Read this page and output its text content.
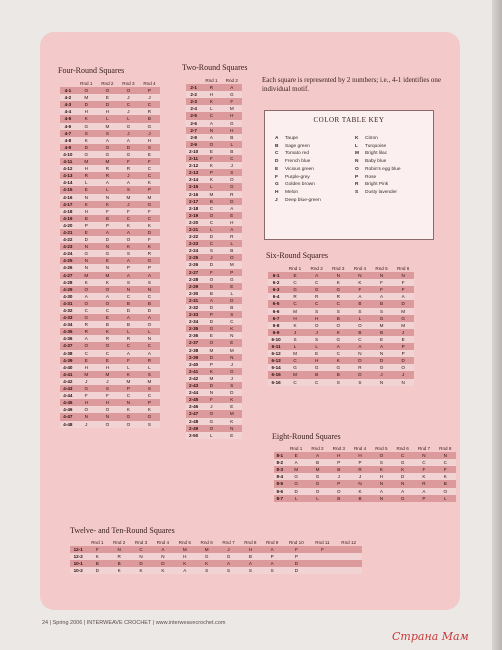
Four-Round Squares	Two-Round Squares
Six-Round Squares
Eight-Round Squares
Twelve- and Ten-Round Squares
	Rnd 1	Rnd 2	Rnd 3	Rnd 4
4-1	O	O	O	P
4-2	M	E	J	J
4-3	D	D	C	C
4-4	H	H	J	R
4-5	K	L	L	B
4-6	G	M	G	G
4-7	S	S	J	J
4-8	K	A	A	H
4-9	D	O	D	S
4-10	G	G	G	E
4-11	M	M	F	F
4-12	H	R	R	C
4-13	R	R	J	C
4-14	L	A	A	K
4-15	E	L	S	P
4-16	N	N	M	M
4-17	K	K	J	G
4-18	H	F	F	F
4-19	B	B	C	C
4-20	P	P	K	K
4-21	E	A	A	D
4-22	D	D	O	F
4-23	N	N	K	K
4-24	G	G	S	R
4-25	N	E	A	G
4-26	N	N	P	P
4-27	M	M	A	A
4-28	K	K	S	S
4-29	O	O	N	N
4-30	A	A	C	C
4-31	O	O	B	B
4-32	C	C	D	D
4-33	G	E	A	A
4-34	R	B	B	O
4-35	R	K	L	L
4-36	A	R	R	N
4-37	O	O	C	C
4-38	C	C	A	A
4-39	E	E	F	R
4-40	H	H	L	L
4-41	M	M	K	S
4-42	J	J	M	M
4-43	G	S	P	S
4-44	F	F	C	C
4-45	H	H	N	P
4-46	O	O	K	K
4-47	N	N	G	G
4-48	J	O	O	S
	Rnd 1	Rnd 2
2-1	R	A
2-2	H	G
2-3	K	F
2-4	L	M
2-5	C	H
2-6	A	G
2-7	N	H
2-8	A	B
2-9	O	L
2-10	E	B
2-11	F	C
2-12	K	J
2-13	P	S
2-14	K	O
2-15	L	G
2-16	M	R
2-17	B	D
2-18	C	A
2-19	O	E
2-20	C	H
2-21	L	A
2-22	D	R
2-23	C	L
2-24	S	B
2-25	J	O
2-26	D	M
2-27	F	P
2-28	O	G
2-29	D	E
2-30	B	L
2-31	A	D
2-32	D	B
2-33	P	S
2-34	D	C
2-35	G	K
2-36	E	N
2-37	O	E
2-38	M	M
2-39	D	N
2-40	P	J
2-41	K	G
2-42	M	J
2-43	D	S
2-44	N	D
2-45	F	K
2-46	J	E
2-47	O	M
2-48	G	K
2-49	O	N
2-50	L	E
	Rnd 1	Rnd 2	Rnd 3	Rnd 4	Rnd 5	Rnd 6
6-1	E	A	N	N	N	N
6-2	C	C	K	K	F	F
6-3	G	G	G	F	F	F
6-4	R	R	R	A	A	A
6-5	C	C	C	B	B	D
6-6	M	S	S	S	S	M
6-7	H	H	B	L	G	G
6-8	K	O	O	O	M	M
6-9	J	J	K	B	B	J
6-10	S	S	G	C	E	E
6-11	L	L	A	A	A	P
6-12	M	E	C	N	N	P
6-13	C	H	K	D	D	D
6-14	G	G	G	R	O	O
6-15	M	B	B	D	J	J
6-16	C	C	S	S	N	N
	Rnd 1	Rnd 2	Rnd 3	Rnd 4	Rnd 5	Rnd 6	Rnd 7	Rnd 8
8-1	E	A	H	H	O	C	N	N
8-2	A	B	P	P	S	G	C	C
8-3	M	M	B	R	K	K	F	F
8-4	G	G	J	J	H	D	K	K
8-5	G	G	P	N	N	N	R	B
8-6	D	O	O	K	A	A	A	O
8-7	L	L	B	B	N	G	P	L
	Rnd 1	Rnd 2	Rnd 3	Rnd 4	Rnd 5	Rnd 6	Rnd 7	Rnd 8	Rnd 9	Rnd 10	Rnd 11	Rnd 12
12-1	F	N	C	A	M	M	J	H	A	F	F	
12-2	K	R	N	N	H	G	G	B	P	P		
10-1	B	B	D	D	K	K	A	A	A	D		
10-2	D	K	K	K	A	S	S	S	S	D		
Each square is represented by 2 numbers; i.e., 4-1 identifies one individual motif.
COLOR TABLE KEY
A Taupe
B Sage green
C Tomato red
D French blue
E Vicious green
F Purple-grey
G Golden brown
H Melon
J Deep blue-green
K Citron
L Turquoise
M Bright lilac
N Baby blue
O Robin's egg blue
P Rose
R Bright Pink
S Dusty lavender
24 | Spring 2006 | INTERWEAVE CROCHET | www.interweavecrochet.com
Страна Мам
